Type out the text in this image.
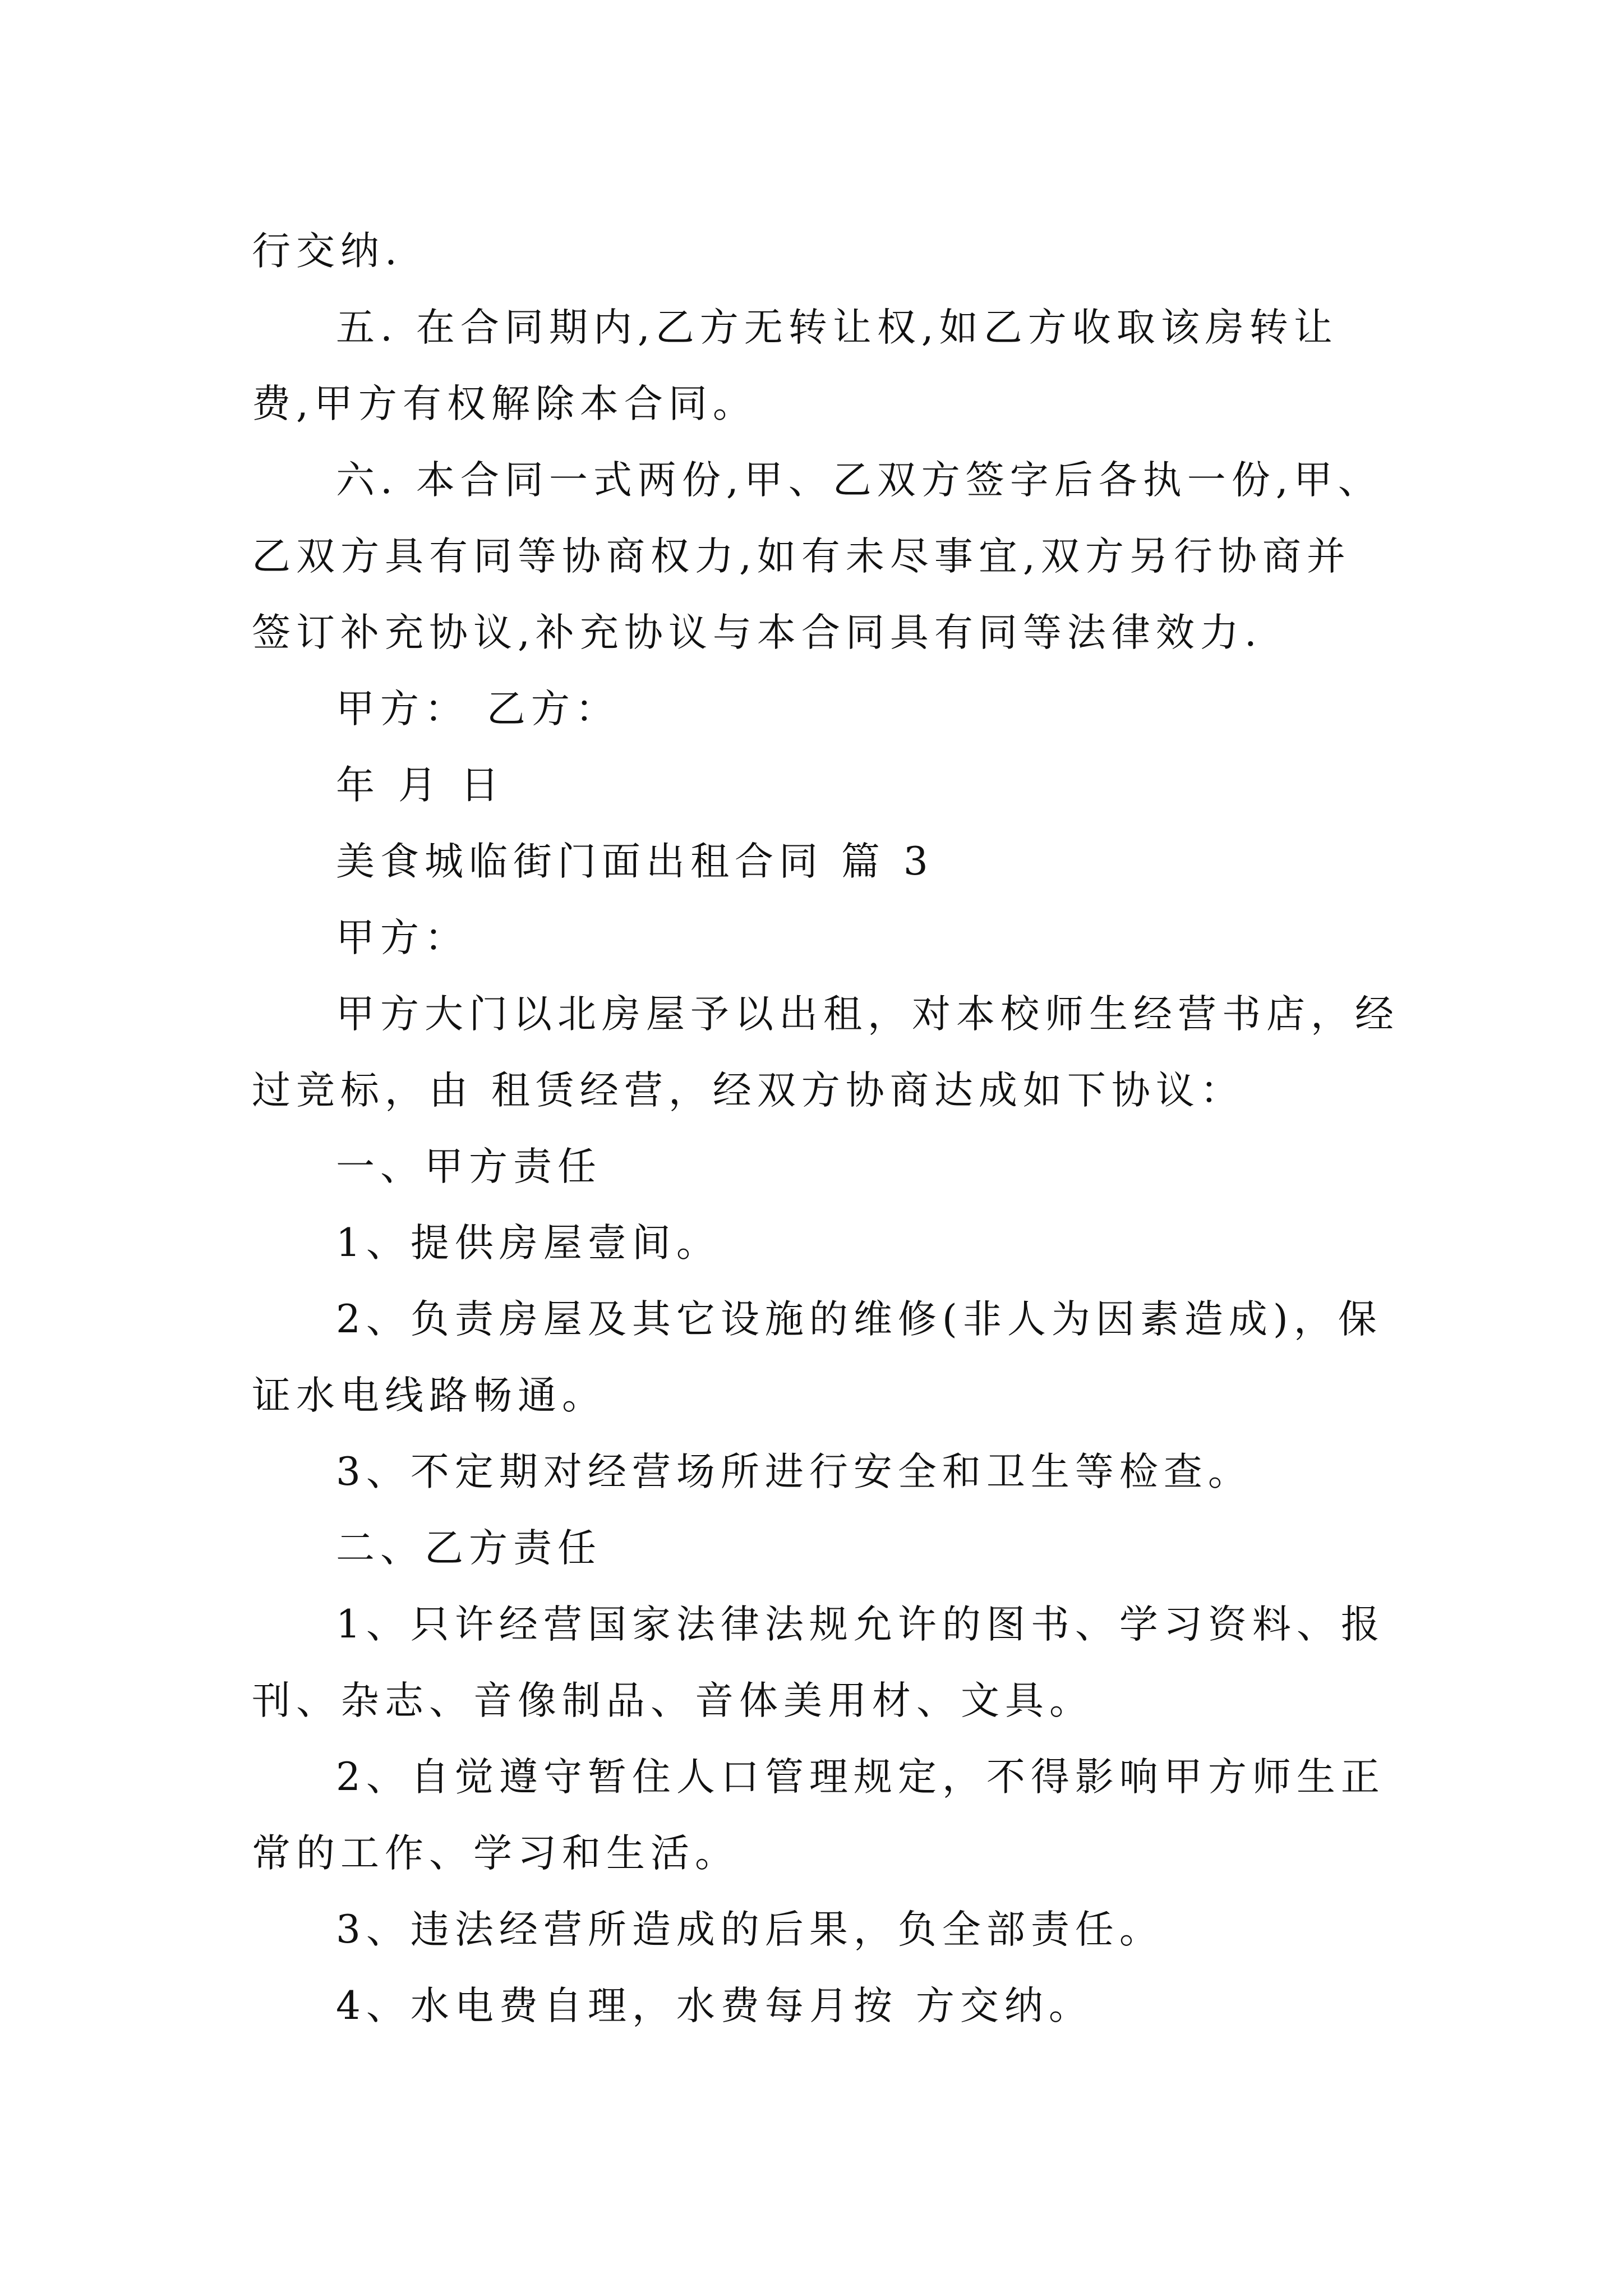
行交纳.
五. 在合同期内,乙方无转让权,如乙方收取该房转让
费,甲方有权解除本合同。
六. 本合同一式两份,甲、乙双方签字后各执一份,甲、
乙双方具有同等协商权力,如有未尽事宜,双方另行协商并
签订补充协议,补充协议与本合同具有同等法律效力.
甲方： 乙方：
年 月 日
美食城临街门面出租合同 篇 3
甲方：
甲方大门以北房屋予以出租，对本校师生经营书店，经
过竞标，由 租赁经营，经双方协商达成如下协议：
一、甲方责任
1、提供房屋壹间。
2、负责房屋及其它设施的维修(非人为因素造成)，保
证水电线路畅通。
3、不定期对经营场所进行安全和卫生等检查。
二、乙方责任
1、只许经营国家法律法规允许的图书、学习资料、报
刊、杂志、音像制品、音体美用材、文具。
2、自觉遵守暂住人口管理规定，不得影响甲方师生正
常的工作、学习和生活。
3、违法经营所造成的后果，负全部责任。
4、水电费自理，水费每月按 方交纳。
